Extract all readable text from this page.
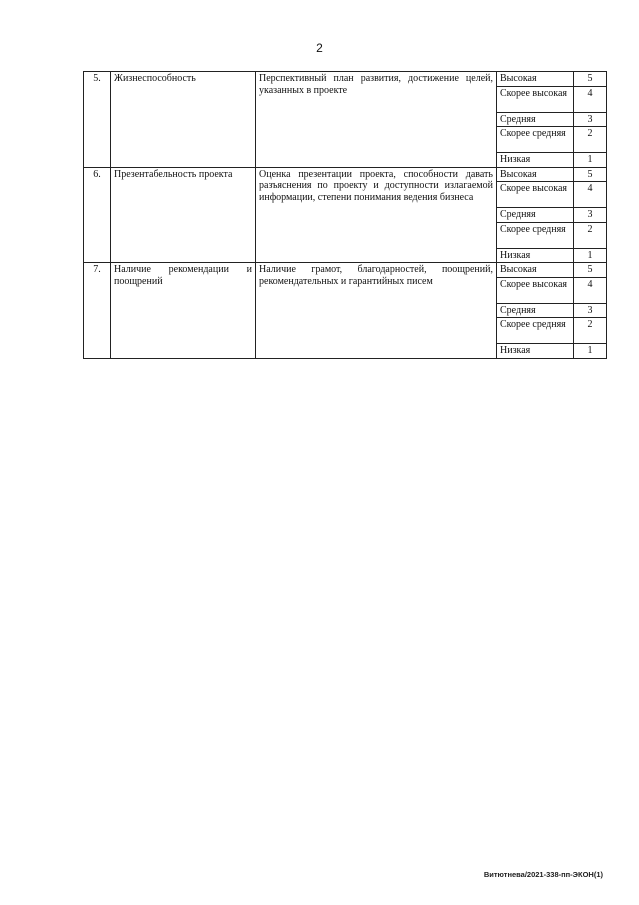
2
5.	Жизнеспособность	Перспективный план развития, достижение целей, указанных в проекте	Высокая	5
			Скорее высокая	4
			Средняя	3
			Скорее средняя	2
			Низкая	1
6.	Презентабельность проекта	Оценка презентации проекта, способности давать разъяснения по проекту и доступности излагаемой информации, степени понимания ведения бизнеса	Высокая	5
			Скорее высокая	4
			Средняя	3
			Скорее средняя	2
			Низкая	1
7.	Наличие рекомендации и поощрений	Наличие грамот, благодарностей, поощрений, рекомендательных и гарантийных писем	Высокая	5
			Скорее высокая	4
			Средняя	3
			Скорее средняя	2
			Низкая	1
Витютнева/2021-338-пп-ЭКОН(1)
